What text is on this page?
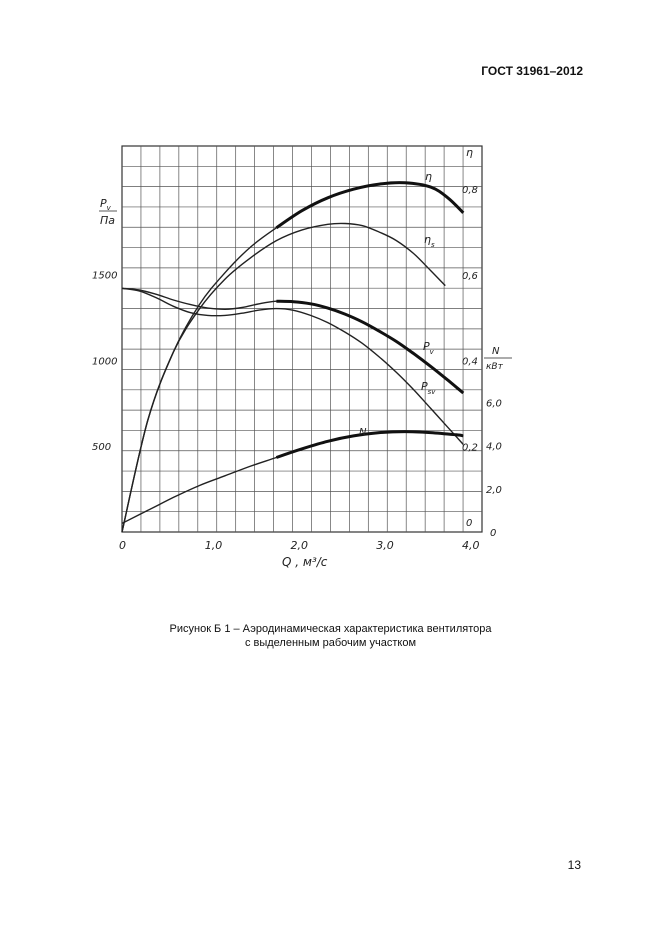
ГОСТ 31961–2012
0	1,0	2,0	3,0	4,0
500
1000
1500
0,2
0,4
0,6
0,8
0
2,0
4,0
6,0
0
$P_v$
Па
Q , м³/с
η
N
кВт
η
$\eta_s$
$P_v$
$P_{sv}$
N
Рисунок Б 1 – Аэродинамическая характеристика вентилятора
с выделенным рабочим участком
13
